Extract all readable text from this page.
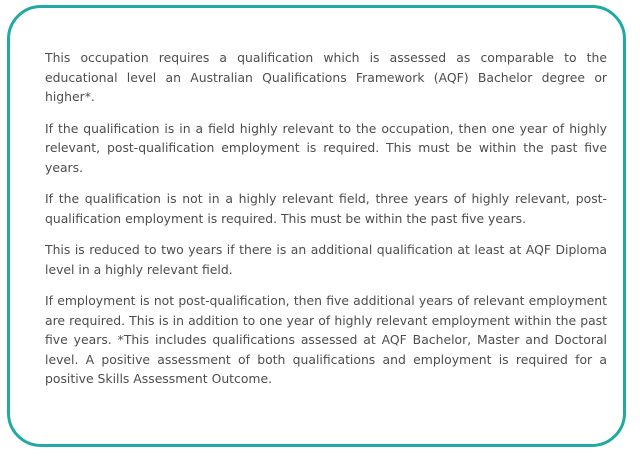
This occupation requires a qualification which is assessed as comparable to the educational level an Australian Qualifications Framework (AQF) Bachelor degree or higher*.

If the qualification is in a field highly relevant to the occupation, then one year of highly relevant, post-qualification employment is required. This must be within the past five years.

If the qualification is not in a highly relevant field, three years of highly relevant, post-qualification employment is required. This must be within the past five years.

This is reduced to two years if there is an additional qualification at least at AQF Diploma level in a highly relevant field.

If employment is not post-qualification, then five additional years of relevant employment are required. This is in addition to one year of highly relevant employment within the past five years. *This includes qualifications assessed at AQF Bachelor, Master and Doctoral level. A positive assessment of both qualifications and employment is required for a positive Skills Assessment Outcome.
